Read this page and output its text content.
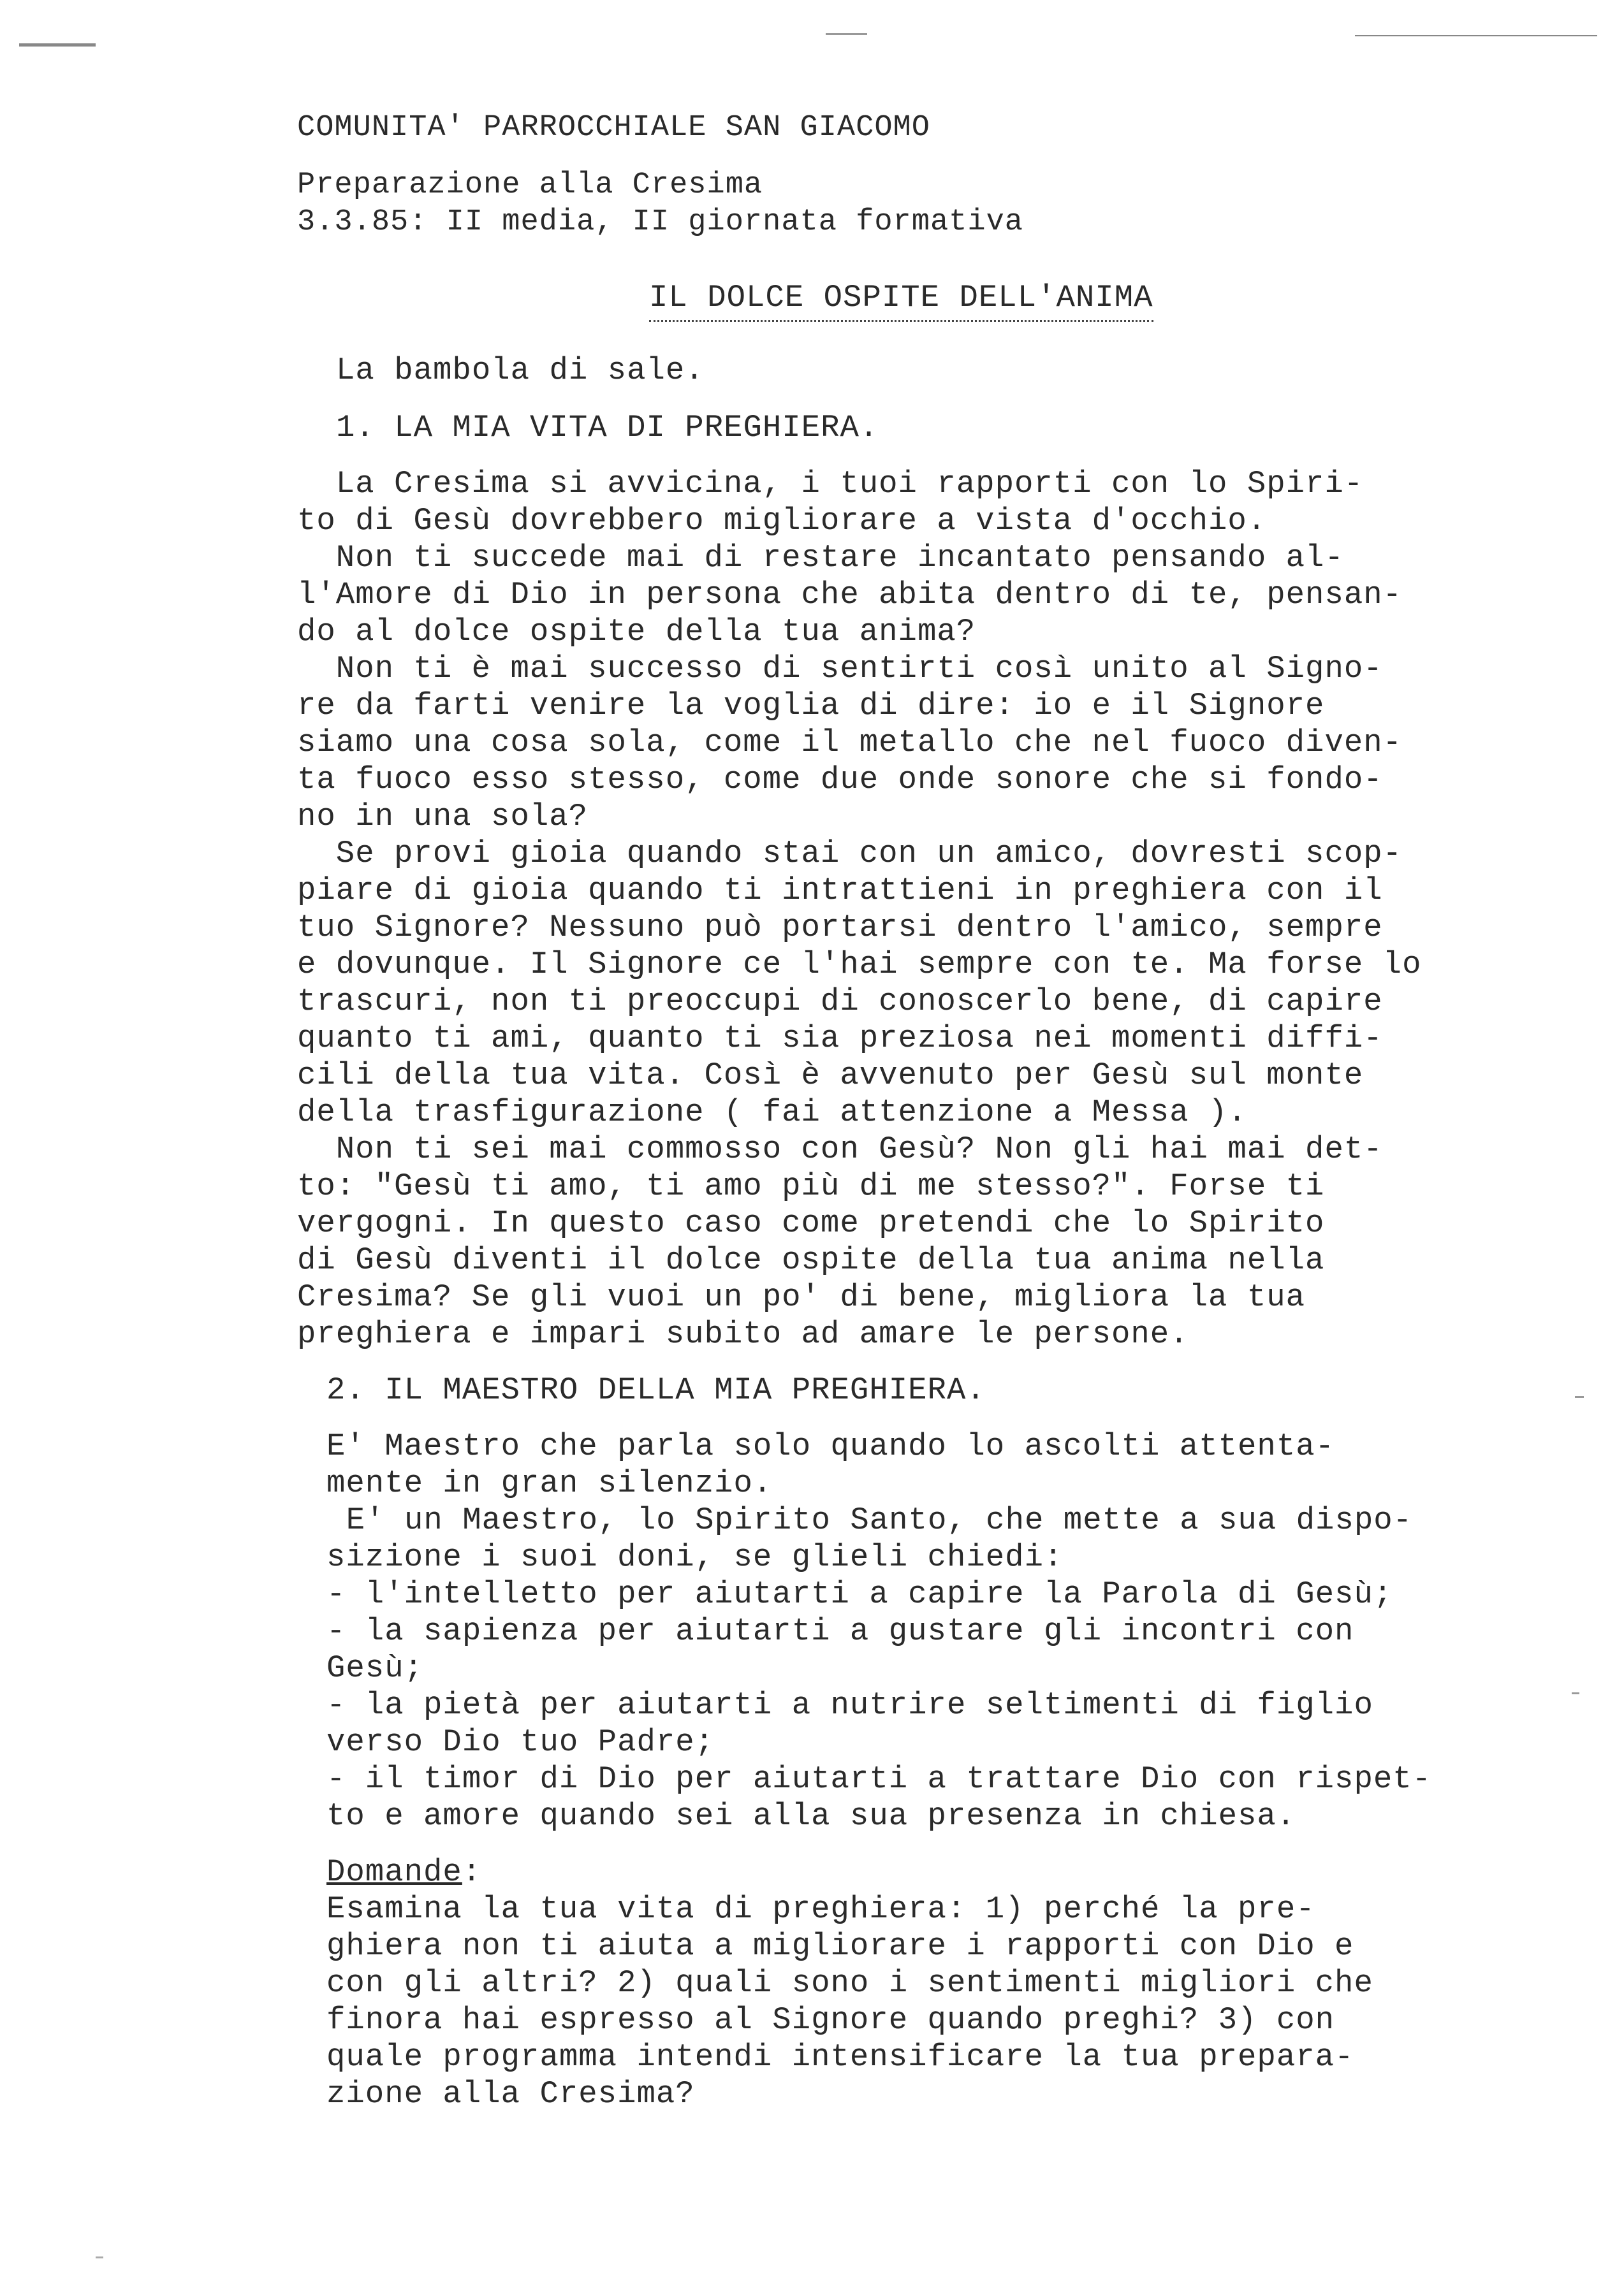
COMUNITA' PARROCCHIALE SAN GIACOMO
Preparazione alla Cresima
3.3.85: II media, II giornata formativa
IL DOLCE OSPITE DELL'ANIMA
La bambola di sale.
1. LA MIA VITA DI PREGHIERA.
La Cresima si avvicina, i tuoi rapporti con lo Spiri-
to di Gesù dovrebbero migliorare a vista d'occhio.
Non ti succede mai di restare incantato pensando al-
l'Amore di Dio in persona che abita dentro di te, pensan-
do al dolce ospite della tua anima?
Non ti è mai successo di sentirti così unito al Signo-
re da farti venire la voglia di dire: io e il Signore
siamo una cosa sola, come il metallo che nel fuoco diven-
ta fuoco esso stesso, come due onde sonore che si fondo-
no in una sola?
Se provi gioia quando stai con un amico, dovresti scop-
piare di gioia quando ti intrattieni in preghiera con il
tuo Signore? Nessuno può portarsi dentro l'amico, sempre
e dovunque. Il Signore ce l'hai sempre con te. Ma forse lo
trascuri, non ti preoccupi di conoscerlo bene, di capire
quanto ti ami, quanto ti sia preziosa nei momenti diffi-
cili della tua vita. Così è avvenuto per Gesù sul monte
della trasfigurazione ( fai attenzione a Messa ).
Non ti sei mai commosso con Gesù? Non gli hai mai det-
to: "Gesù ti amo, ti amo più di me stesso?". Forse ti
vergogni. In questo caso come pretendi che lo Spirito
di Gesù diventi il dolce ospite della tua anima nella
Cresima? Se gli vuoi un po' di bene, migliora la tua
preghiera e impari subito ad amare le persone.
2. IL MAESTRO DELLA MIA PREGHIERA.
E' Maestro che parla solo quando lo ascolti attenta-
mente in gran silenzio.
E' un Maestro, lo Spirito Santo, che mette a sua dispo-
sizione i suoi doni, se glieli chiedi:
- l'intelletto per aiutarti a capire la Parola di Gesù;
- la sapienza per aiutarti a gustare gli incontri con
Gesù;
- la pietà per aiutarti a nutrire seltimenti di figlio
verso Dio tuo Padre;
- il timor di Dio per aiutarti a trattare Dio con rispet-
to e amore quando sei alla sua presenza in chiesa.
Domande:
Esamina la tua vita di preghiera: 1) perché la pre-
ghiera non ti aiuta a migliorare i rapporti con Dio e
con gli altri? 2) quali sono i sentimenti migliori che
finora hai espresso al Signore quando preghi? 3) con
quale programma intendi intensificare la tua prepara-
zione alla Cresima?
